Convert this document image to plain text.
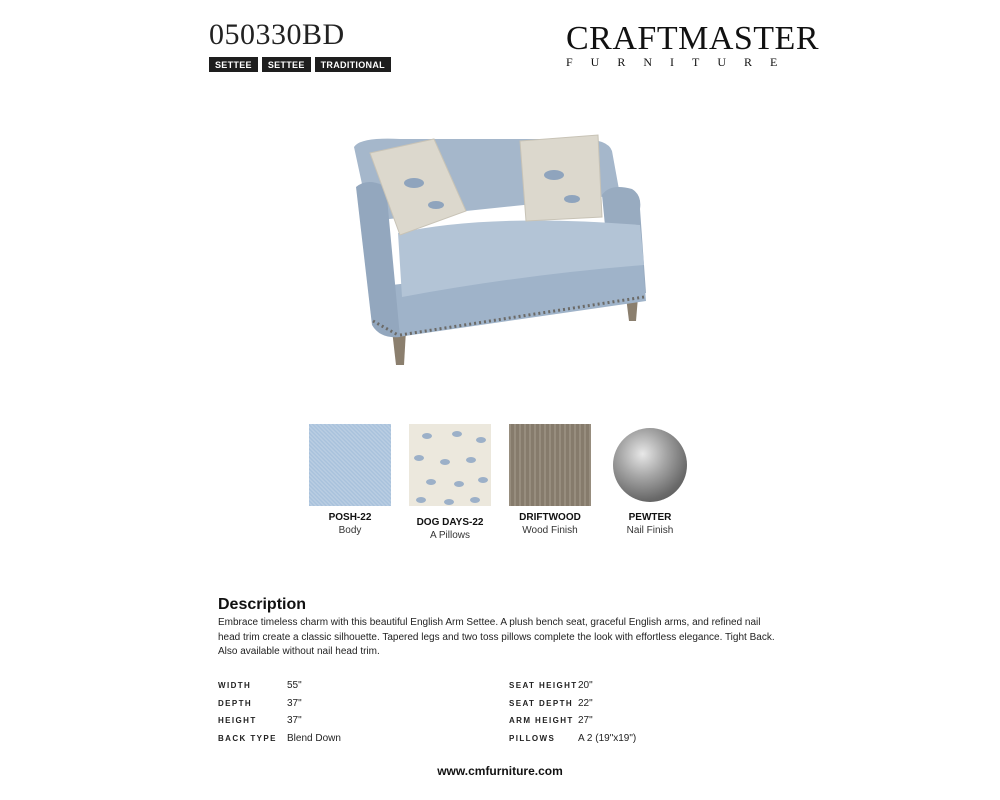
050330BD
SETTEE	SETTEE	TRADITIONAL
CRAFTMASTER
FURNITURE
POSH-22
Body
DOG DAYS-22
A Pillows
DRIFTWOOD
Wood Finish
PEWTER
Nail Finish
Description
Embrace timeless charm with this beautiful English Arm Settee. A plush bench seat, graceful English arms, and refined nail head trim create a classic silhouette. Tapered legs and two toss pillows complete the look with effortless elegance. Tight Back. Also available without nail head trim.
WIDTH	55"
DEPTH	37"
HEIGHT	37"
BACK TYPE	Blend Down
SEAT HEIGHT 20"
SEAT DEPTH 22"
ARM HEIGHT 27"
PILLOWS	A 2 (19"x19")
www.cmfurniture.com
